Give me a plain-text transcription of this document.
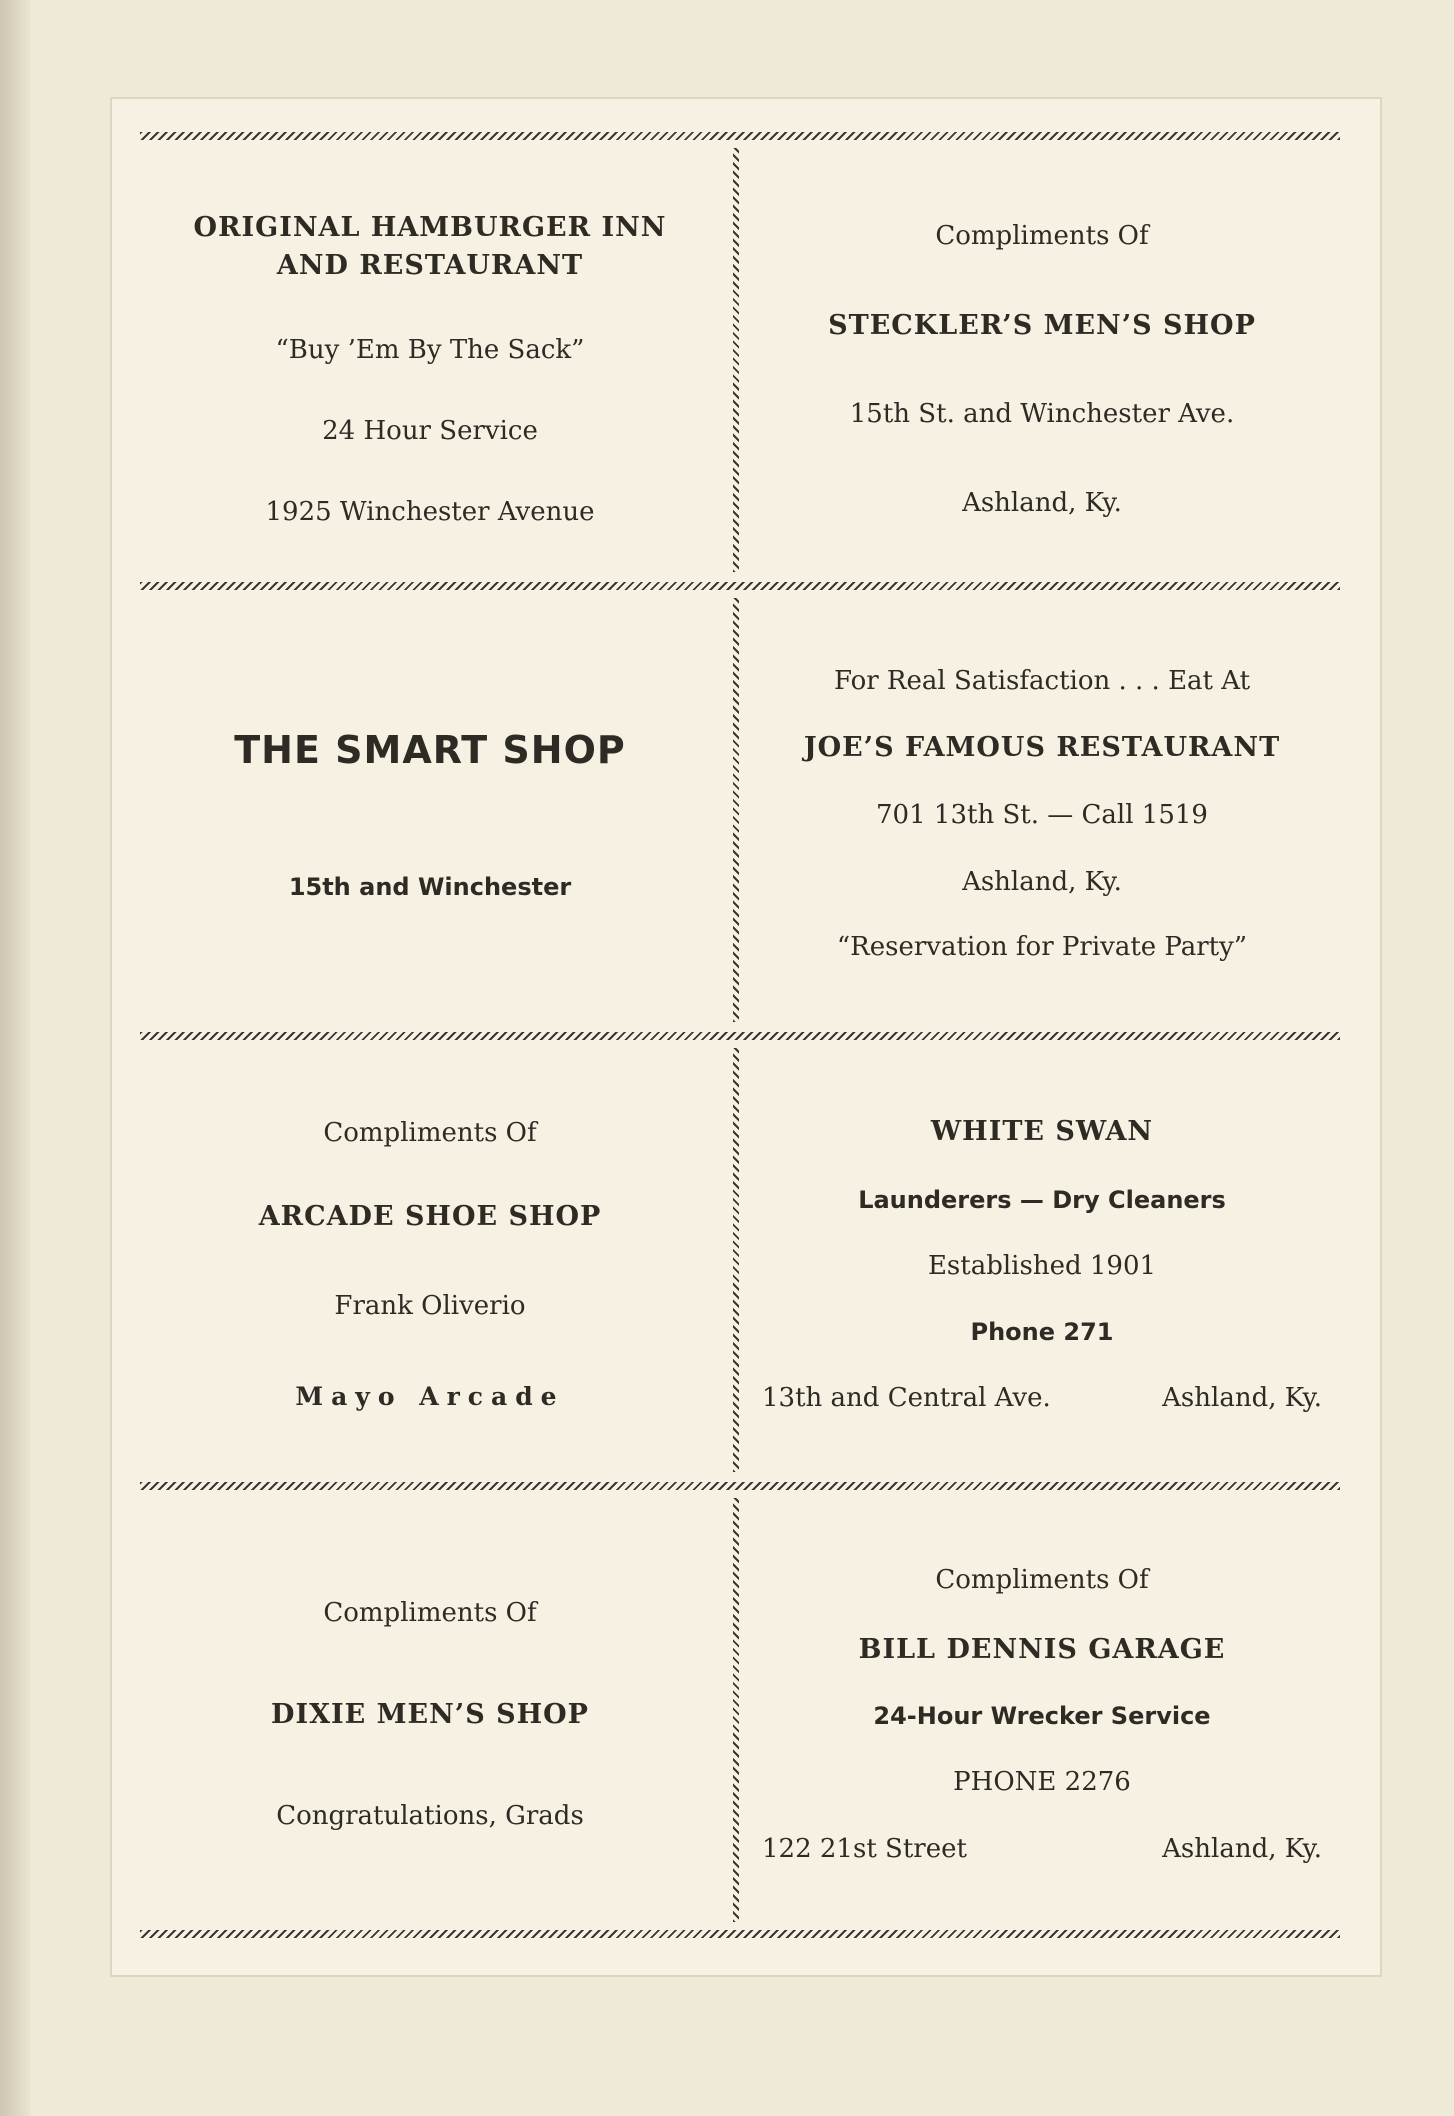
ORIGINAL HAMBURGER INN
AND RESTAURANT
“Buy ’Em By The Sack”
24 Hour Service
1925 Winchester Avenue
Compliments Of
STECKLER’S MEN’S SHOP
15th St. and Winchester Ave.
Ashland, Ky.
THE SMART SHOP
15th and Winchester
For Real Satisfaction . . . Eat At
JOE’S FAMOUS RESTAURANT
701 13th St. — Call 1519
Ashland, Ky.
“Reservation for Private Party”
Compliments Of
ARCADE SHOE SHOP
Frank Oliverio
Mayo Arcade
WHITE SWAN
Launderers — Dry Cleaners
Established 1901
Phone 271
13th and Central Ave.	Ashland, Ky.
Compliments Of
DIXIE MEN’S SHOP
Congratulations, Grads
Compliments Of
BILL DENNIS GARAGE
24-Hour Wrecker Service
PHONE 2276
122 21st Street	Ashland, Ky.
